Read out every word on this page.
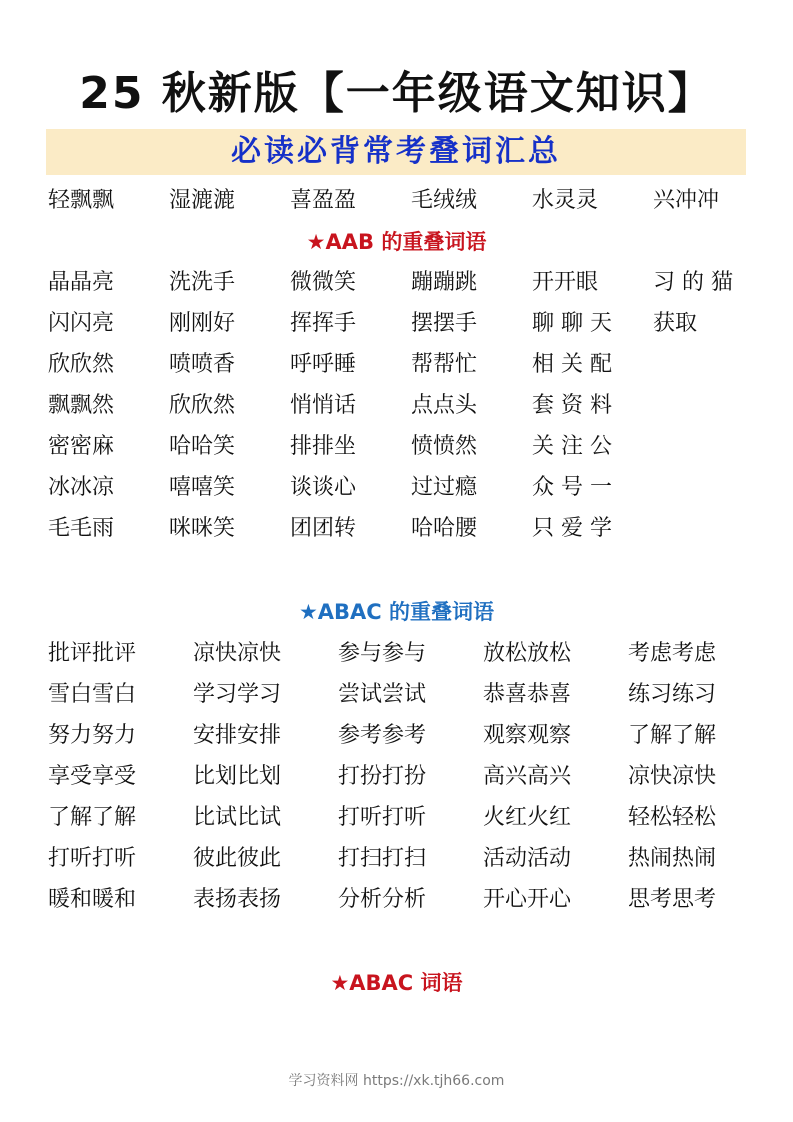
25 秋新版【一年级语文知识】
必读必背常考叠词汇总
轻飘飘 湿漉漉 喜盈盈 毛绒绒 水灵灵 兴冲冲
★AAB 的重叠词语
晶晶亮 洗洗手 微微笑 蹦蹦跳 开开眼 习 的 猫
闪闪亮 刚刚好 挥挥手 摆摆手 聊 聊 天 获取
欣欣然 喷喷香 呼呼睡 帮帮忙 相 关 配
飘飘然 欣欣然 悄悄话 点点头 套 资 料
密密麻 哈哈笑 排排坐 愤愤然 关 注 公
冰冰凉 嘻嘻笑 谈谈心 过过瘾 众 号 一
毛毛雨 咪咪笑 团团转 哈哈腰 只 爱 学
★ABAC 的重叠词语
批评批评	凉快凉快	参与参与	放松放松	考虑考虑
雪白雪白	学习学习	尝试尝试	恭喜恭喜	练习练习
努力努力	安排安排	参考参考	观察观察	了解了解
享受享受	比划比划	打扮打扮	高兴高兴	凉快凉快
了解了解	比试比试	打听打听	火红火红	轻松轻松
打听打听	彼此彼此	打扫打扫	活动活动	热闹热闹
暖和暖和	表扬表扬	分析分析	开心开心	思考思考
★ABAC 词语
学习资料网 https://xk.tjh66.com
